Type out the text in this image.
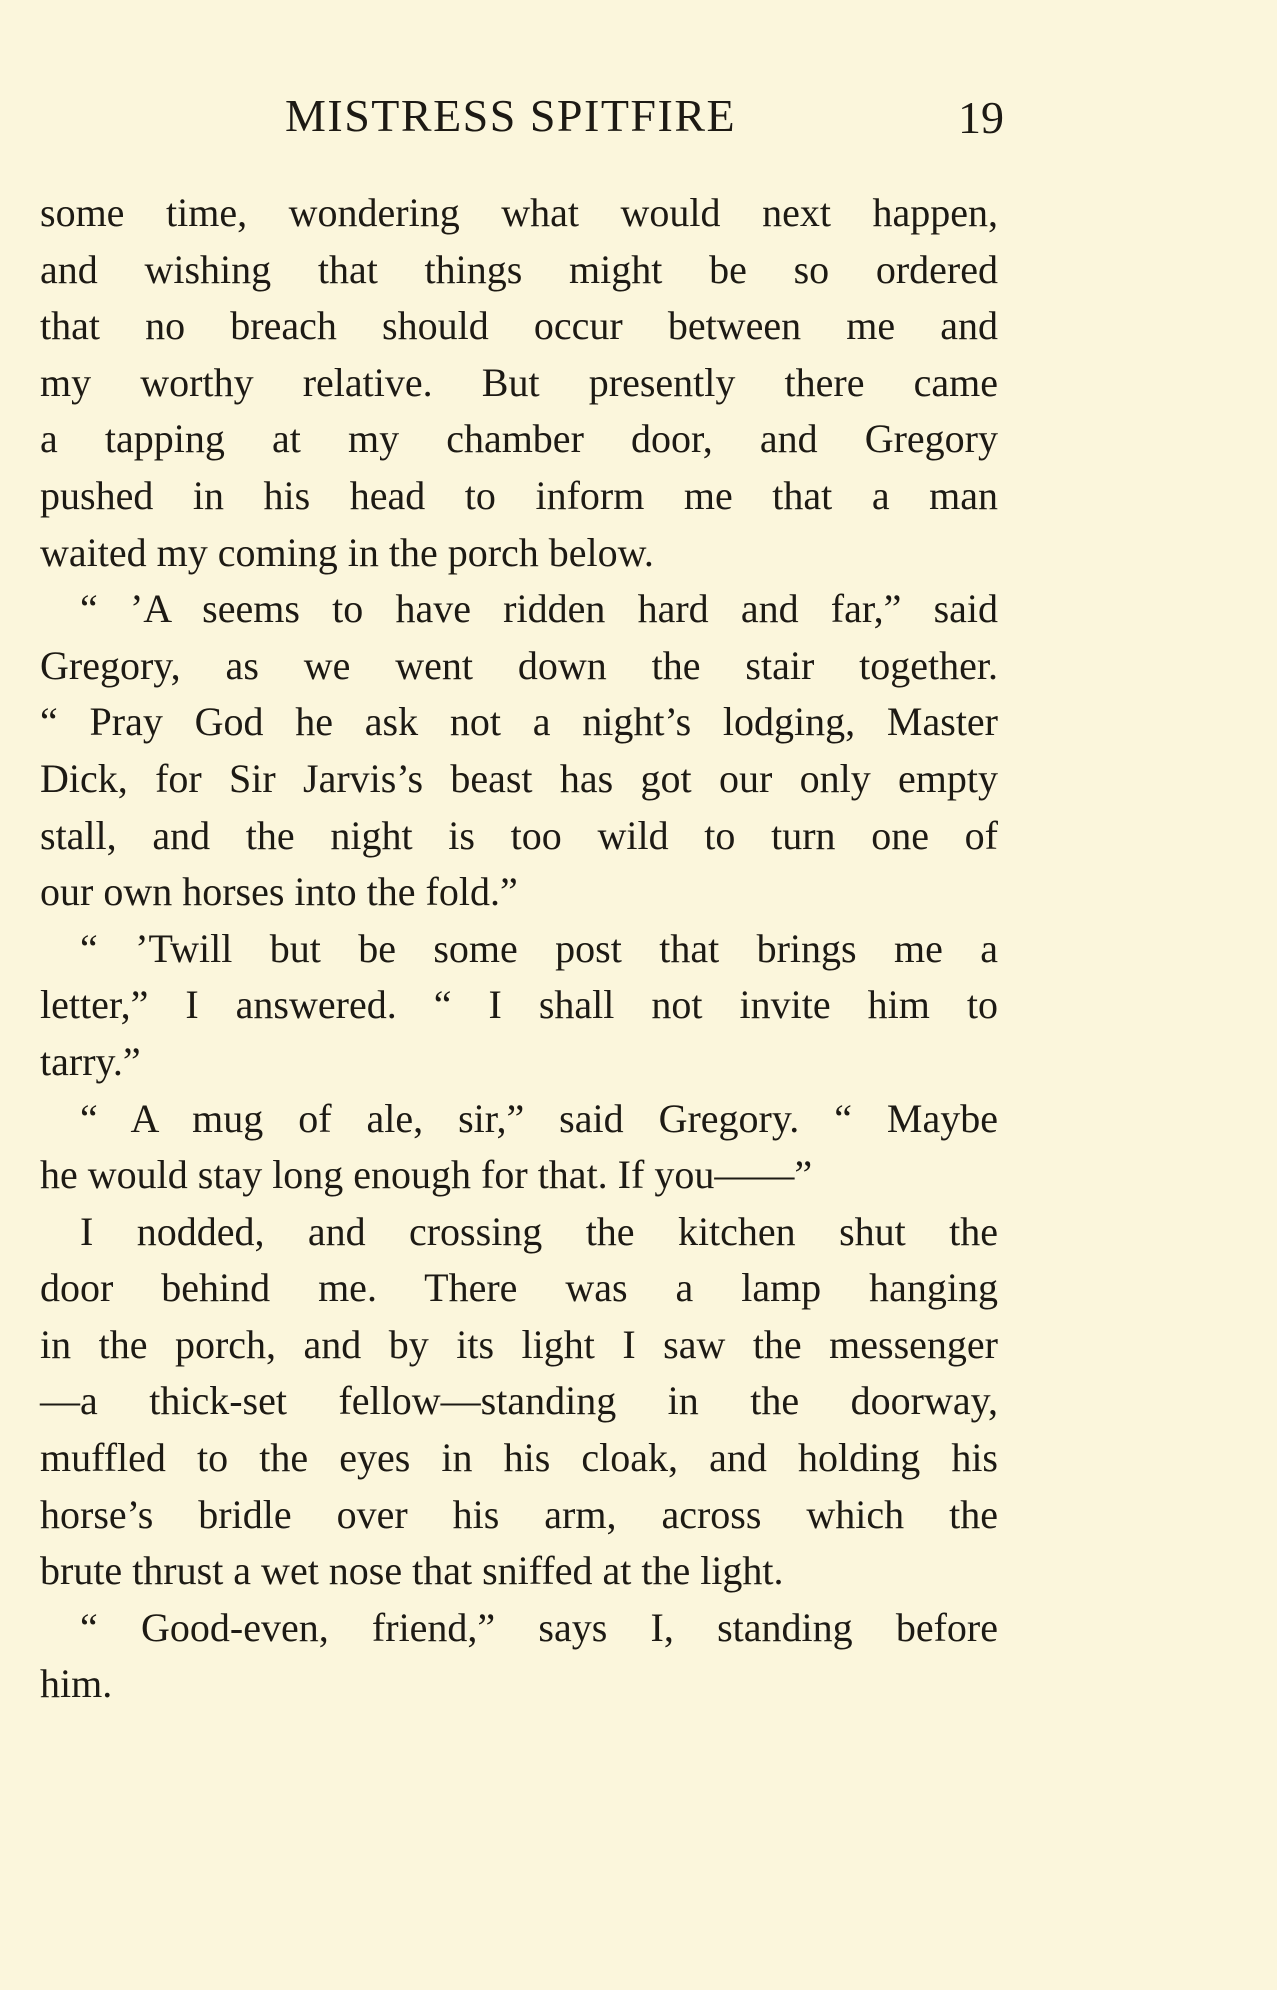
MISTRESS SPITFIRE	19
some time, wondering what would next happen,
and wishing that things might be so ordered
that no breach should occur between me and
my worthy relative. But presently there came
a tapping at my chamber door, and Gregory
pushed in his head to inform me that a man
waited my coming in the porch below.
“ ’A seems to have ridden hard and far,” said
Gregory, as we went down the stair together.
“ Pray God he ask not a night’s lodging, Master
Dick, for Sir Jarvis’s beast has got our only empty
stall, and the night is too wild to turn one of
our own horses into the fold.”
“ ’Twill but be some post that brings me a
letter,” I answered. “ I shall not invite him to
tarry.”
“ A mug of ale, sir,” said Gregory. “ Maybe
he would stay long enough for that. If you——”
I nodded, and crossing the kitchen shut the
door behind me. There was a lamp hanging
in the porch, and by its light I saw the messenger
—a thick-set fellow—standing in the doorway,
muffled to the eyes in his cloak, and holding his
horse’s bridle over his arm, across which the
brute thrust a wet nose that sniffed at the light.
“ Good-even, friend,” says I, standing before
him.
